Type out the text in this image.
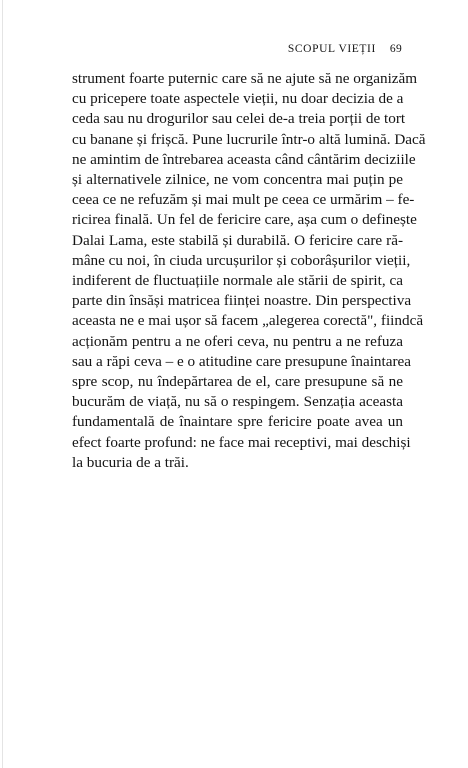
SCOPUL VIEȚII 69

strument foarte puternic care să ne ajute să ne organizăm
cu pricepere toate aspectele vieții, nu doar decizia de a
ceda sau nu drogurilor sau celei de-a treia porții de tort
cu banane și frișcă. Pune lucrurile într-o altă lumină. Dacă
ne amintim de întrebarea aceasta când cântărim deciziile
și alternativele zilnice, ne vom concentra mai puțin pe
ceea ce ne refuzăm și mai mult pe ceea ce urmărim – fe-
ricirea finală. Un fel de fericire care, așa cum o definește
Dalai Lama, este stabilă și durabilă. O fericire care ră-
mâne cu noi, în ciuda urcușurilor și coborâșurilor vieții,
indiferent de fluctuațiile normale ale stării de spirit, ca
parte din însăși matricea ființei noastre. Din perspectiva
aceasta ne e mai ușor să facem „alegerea corectă", fiindcă
acționăm pentru a ne oferi ceva, nu pentru a ne refuza
sau a răpi ceva – e o atitudine care presupune înaintarea
spre scop, nu îndepărtarea de el, care presupune să ne
bucurăm de viață, nu să o respingem. Senzația aceasta
fundamentală de înaintare spre fericire poate avea un
efect foarte profund: ne face mai receptivi, mai deschiși
la bucuria de a trăi.
